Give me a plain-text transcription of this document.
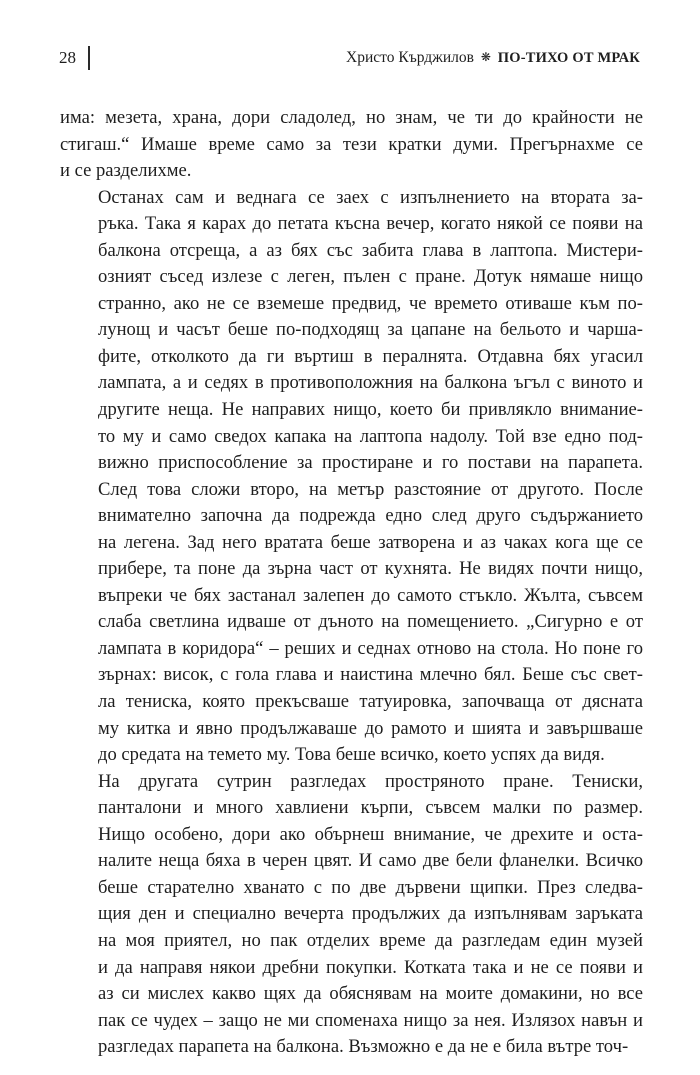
28	Христо Кърджилов ❋ ПО-ТИХО ОТ МРАК

има: мезета, храна, дори сладолед, но знам, че ти до крайности не
стигаш.“ Имаше време само за тези кратки думи. Прегърнахме се
и се разделихме.

Останах сам и веднага се заех с изпълнението на втората за-
ръка. Така я карах до петата късна вечер, когато някой се появи на
балкона отсреща, а аз бях със забита глава в лаптопа. Мистери-
озният съсед излезе с леген, пълен с пране. Дотук нямаше нищо
странно, ако не се вземеше предвид, че времето отиваше към по-
лунощ и часът беше по-подходящ за цапане на бельото и чаршa-
фите, отколкото да ги въртиш в пералнята. Отдавна бях угасил
лампата, а и седях в противоположния на балкона ъгъл с виното и
другите неща. Не направих нищо, което би привлякло внимание-
то му и само сведох капака на лаптопа надолу. Той взе едно под-
вижно приспособление за простиране и го постави на парапета.
След това сложи второ, на метър разстояние от другото. После
внимателно започна да подрежда едно след друго съдържанието
на легена. Зад него вратата беше затворена и аз чаках кога ще се
прибере, та поне да зърна част от кухнята. Не видях почти нищо,
въпреки че бях застанал залепен до самото стъкло. Жълта, съвсем
слаба светлина идваше от дъното на помещението. „Сигурно е от
лампата в коридора“ – реших и седнах отново на стола. Но поне го
зърнах: висок, с гола глава и наистина млечно бял. Беше със свет-
ла тениска, която прекъсваше татуировка, започваща от дясната
му китка и явно продължаваше до рамото и шията и завършваше
до средата на темето му. Това беше всичко, което успях да видя.

На другата сутрин разгледах простряното пране. Тениски,
панталони и много хавлиени кърпи, съвсем малки по размер.
Нищо особено, дори ако обърнеш внимание, че дрехите и оста-
налите неща бяха в черен цвят. И само две бели фланелки. Всичко
беше старателно хванато с по две дървени щипки. През следва-
щия ден и специално вечерта продължих да изпълнявам заръката
на моя приятел, но пак отделих време да разгледам един музей
и да направя някои дребни покупки. Котката така и не се появи и
аз си мислех какво щях да обяснявам на моите домакини, но все
пак се чудех – защо не ми споменаха нищо за нея. Излязох навън и
разгледах парапета на балкона. Възможно е да не е била вътре точ-
